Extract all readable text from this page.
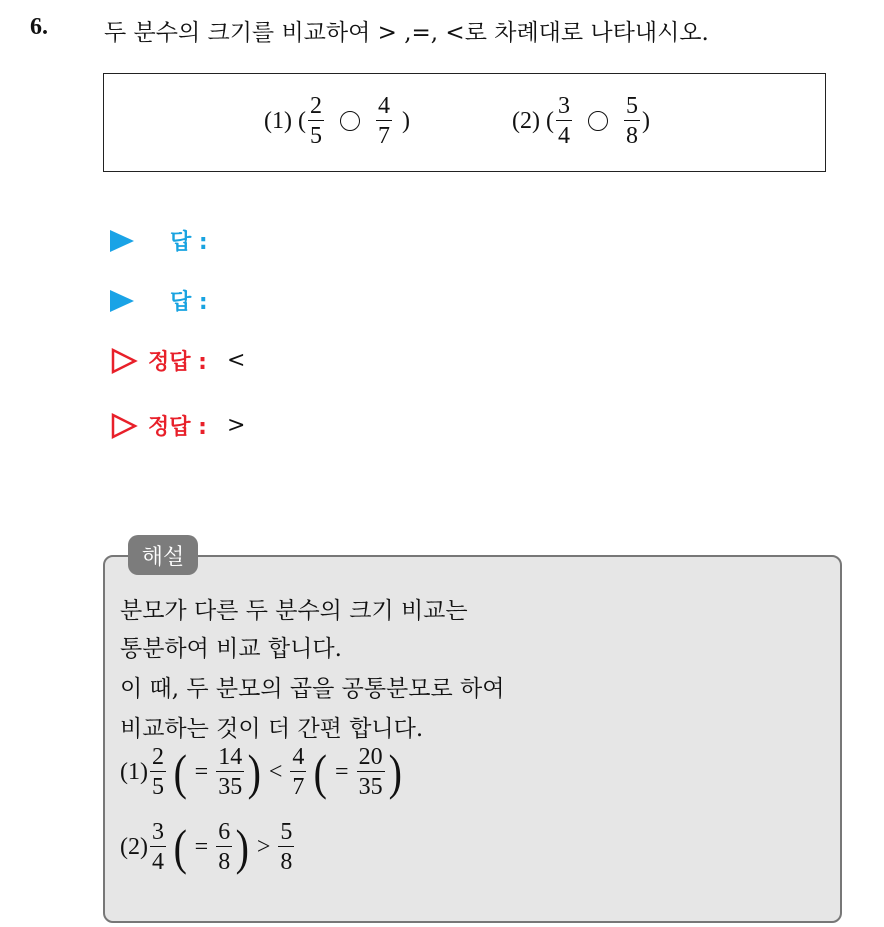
6. 두 분수의 크기를 비교하여 > ,=, <로 차례대로 나타내시오.
(1) ( $\frac{2}{5} \frac{4}{7}$ )	(2) ( $\frac{3}{4} \frac{5}{8}$ )
답 :
답 :
정답 : <
정답 : >
해설
분모가 다른 두 분수의 크기 비교는
통분하여 비교 합니다.
이 때, 두 분모의 곱을 공통분모로 하여
비교하는 것이 더 간편 합니다.
$(1) \frac{2}{5}$ ( = $\frac{14}{35}$ ) < $\frac{4}{7}$ ( = $\frac{20}{35}$ )
$(2) \frac{3}{4}$ ( = $\frac{6}{8}$ ) > $\frac{5}{8}$
